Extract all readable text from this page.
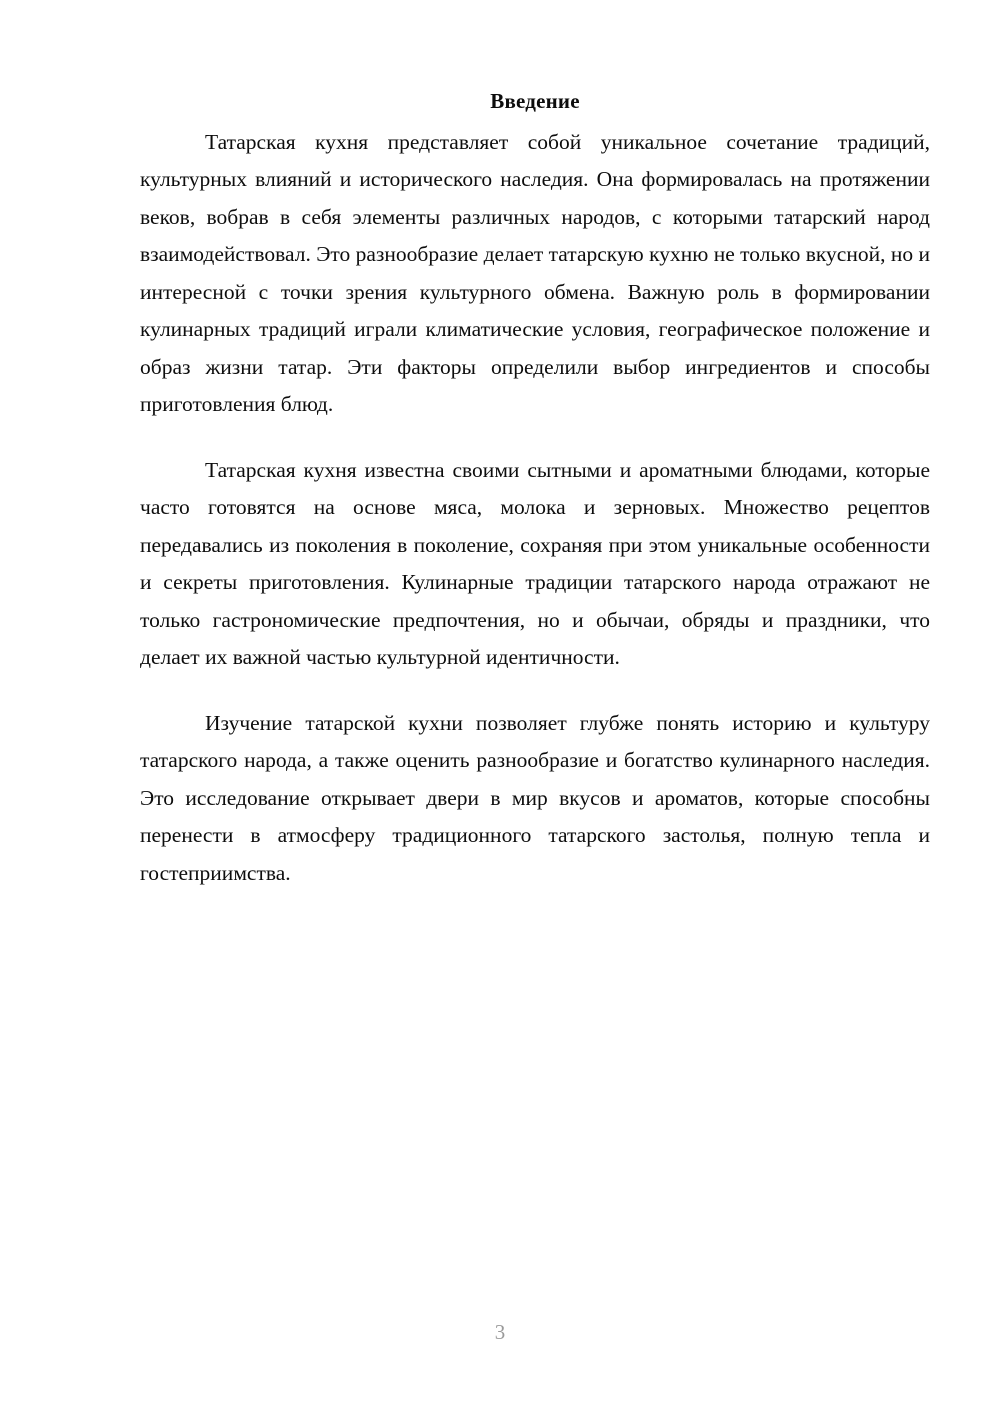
Введение

Татарская кухня представляет собой уникальное сочетание традиций, культурных влияний и исторического наследия. Она формировалась на протяжении веков, вобрав в себя элементы различных народов, с которыми татарский народ взаимодействовал. Это разнообразие делает татарскую кухню не только вкусной, но и интересной с точки зрения культурного обмена. Важную роль в формировании кулинарных традиций играли климатические условия, географическое положение и образ жизни татар. Эти факторы определили выбор ингредиентов и способы приготовления блюд.

Татарская кухня известна своими сытными и ароматными блюдами, которые часто готовятся на основе мяса, молока и зерновых. Множество рецептов передавались из поколения в поколение, сохраняя при этом уникальные особенности и секреты приготовления. Кулинарные традиции татарского народа отражают не только гастрономические предпочтения, но и обычаи, обряды и праздники, что делает их важной частью культурной идентичности.

Изучение татарской кухни позволяет глубже понять историю и культуру татарского народа, а также оценить разнообразие и богатство кулинарного наследия. Это исследование открывает двери в мир вкусов и ароматов, которые способны перенести в атмосферу традиционного татарского застолья, полную тепла и гостеприимства.

3
